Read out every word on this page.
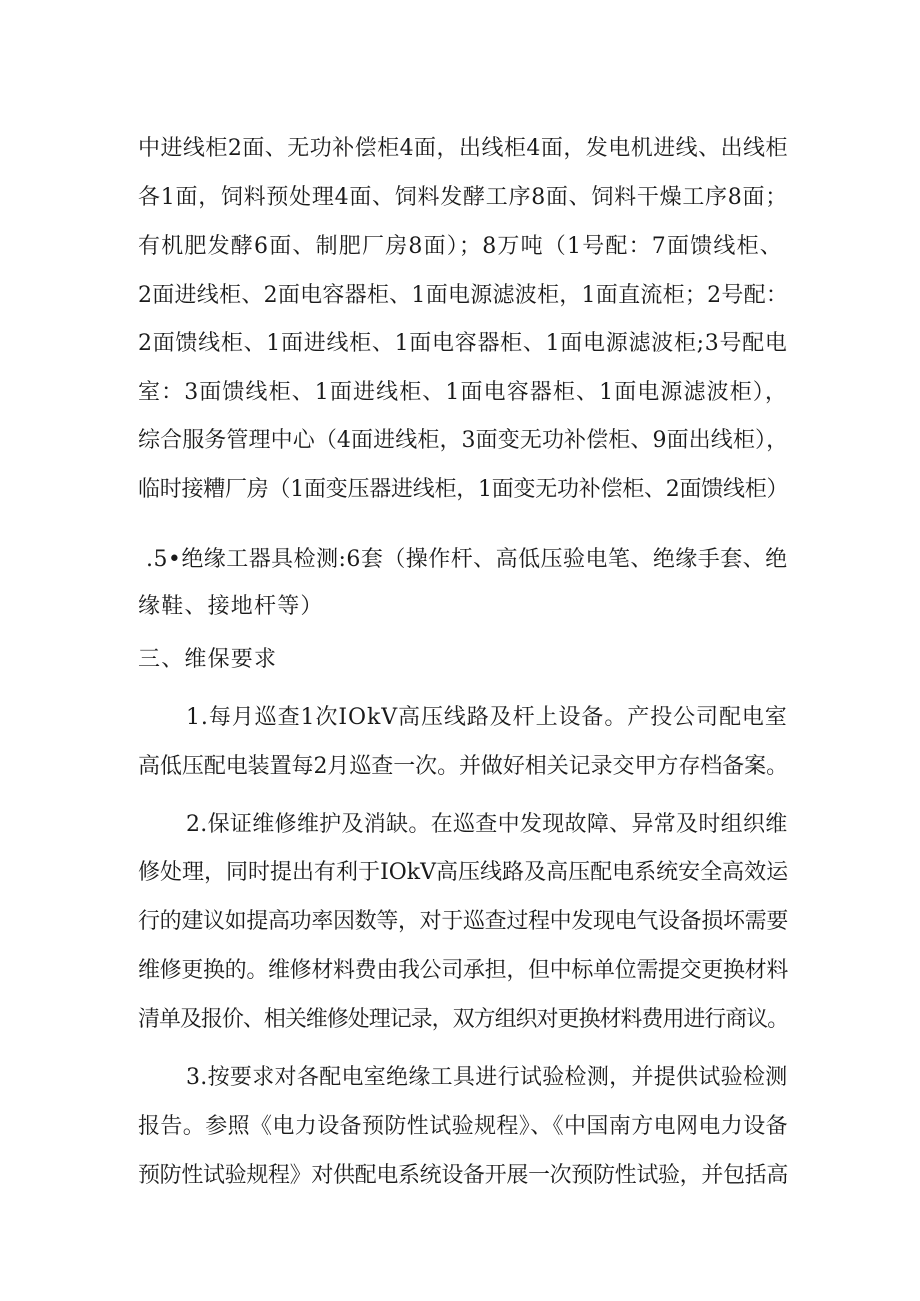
中进线柜2面、无功补偿柜4面，出线柜4面，发电机进线、出线柜
各1面，饲料预处理4面、饲料发酵工序8面、饲料干燥工序8面；
有机肥发酵6面、制肥厂房8面）；8万吨（1号配：7面馈线柜、
2面进线柜、2面电容器柜、1面电源滤波柜，1面直流柜；2号配：
2面馈线柜、1面进线柜、1面电容器柜、1面电源滤波柜;3号配电
室：3面馈线柜、1面进线柜、1面电容器柜、1面电源滤波柜），
综合服务管理中心（4面进线柜，3面变无功补偿柜、9面出线柜），
临时接糟厂房（1面变压器进线柜，1面变无功补偿柜、2面馈线柜）
.5•绝缘工器具检测:6套（操作杆、高低压验电笔、绝缘手套、绝
缘鞋、接地杆等）
三、维保要求
1.每月巡查1次IOkV高压线路及杆上设备。产投公司配电室
高低压配电装置每2月巡查一次。并做好相关记录交甲方存档备案。
2.保证维修维护及消缺。在巡查中发现故障、异常及时组织维
修处理，同时提出有利于IOkV高压线路及高压配电系统安全高效运
行的建议如提高功率因数等，对于巡查过程中发现电气设备损坏需要
维修更换的。维修材料费由我公司承担，但中标单位需提交更换材料
清单及报价、相关维修处理记录，双方组织对更换材料费用进行商议。
3.按要求对各配电室绝缘工具进行试验检测，并提供试验检测
报告。参照《电力设备预防性试验规程》、《中国南方电网电力设备
预防性试验规程》对供配电系统设备开展一次预防性试验，并包括高
